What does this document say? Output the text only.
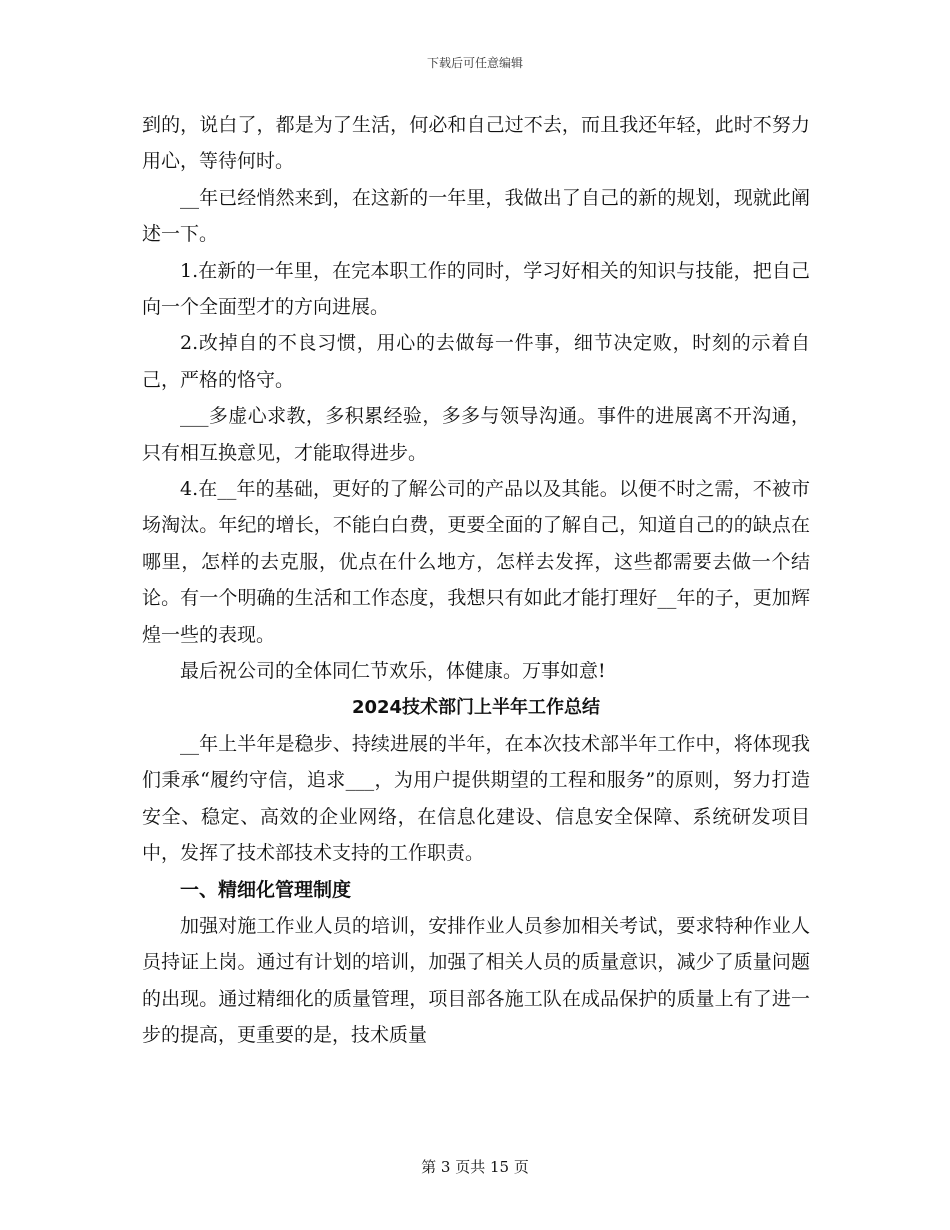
下载后可任意编辑

到的，说白了，都是为了生活，何必和自己过不去，而且我还年轻，此时不努力用心，等待何时。

__年已经悄然来到，在这新的一年里，我做出了自己的新的规划，现就此阐述一下。

1.在新的一年里，在完本职工作的同时，学习好相关的知识与技能，把自己向一个全面型才的方向进展。

2.改掉自的不良习惯，用心的去做每一件事，细节决定败，时刻的示着自己，严格的恪守。

___多虚心求教，多积累经验，多多与领导沟通。事件的进展离不开沟通，只有相互换意见，才能取得进步。

4.在__年的基础，更好的了解公司的产品以及其能。以便不时之需，不被市场淘汰。年纪的增长，不能白白费，更要全面的了解自己，知道自己的的缺点在哪里，怎样的去克服，优点在什么地方，怎样去发挥，这些都需要去做一个结论。有一个明确的生活和工作态度，我想只有如此才能打理好__年的子，更加辉煌一些的表现。

最后祝公司的全体同仁节欢乐，体健康。万事如意!

2024技术部门上半年工作总结

__年上半年是稳步、持续进展的半年，在本次技术部半年工作中，将体现我们秉承“履约守信，追求___，为用户提供期望的工程和服务”的原则，努力打造安全、稳定、高效的企业网络，在信息化建设、信息安全保障、系统研发项目中，发挥了技术部技术支持的工作职责。

一、精细化管理制度

加强对施工作业人员的培训，安排作业人员参加相关考试，要求特种作业人员持证上岗。通过有计划的培训，加强了相关人员的质量意识，减少了质量问题的出现。通过精细化的质量管理，项目部各施工队在成品保护的质量上有了进一步的提高，更重要的是，技术质量

第 3 页共 15 页
